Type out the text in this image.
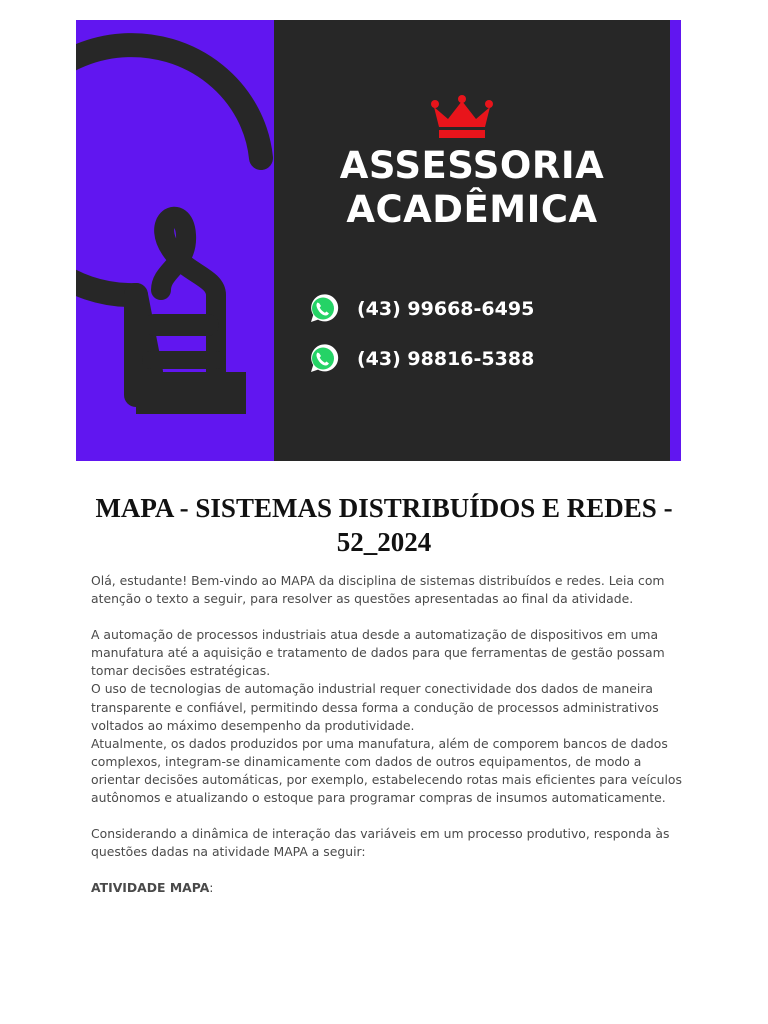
ASSESSORIA
ACADÊMICA
(43) 99668-6495
(43) 98816-5388
MAPA - SISTEMAS DISTRIBUÍDOS E REDES - 52_2024

Olá, estudante! Bem-vindo ao MAPA da disciplina de sistemas distribuídos e redes. Leia com atenção o texto a seguir, para resolver as questões apresentadas ao final da atividade.

A automação de processos industriais atua desde a automatização de dispositivos em uma manufatura até a aquisição e tratamento de dados para que ferramentas de gestão possam tomar decisões estratégicas.

O uso de tecnologias de automação industrial requer conectividade dos dados de maneira transparente e confiável, permitindo dessa forma a condução de processos administrativos voltados ao máximo desempenho da produtividade.

Atualmente, os dados produzidos por uma manufatura, além de comporem bancos de dados complexos, integram-se dinamicamente com dados de outros equipamentos, de modo a orientar decisões automáticas, por exemplo, estabelecendo rotas mais eficientes para veículos autônomos e atualizando o estoque para programar compras de insumos automaticamente.

Considerando a dinâmica de interação das variáveis em um processo produtivo, responda às questões dadas na atividade MAPA a seguir:

ATIVIDADE MAPA:
